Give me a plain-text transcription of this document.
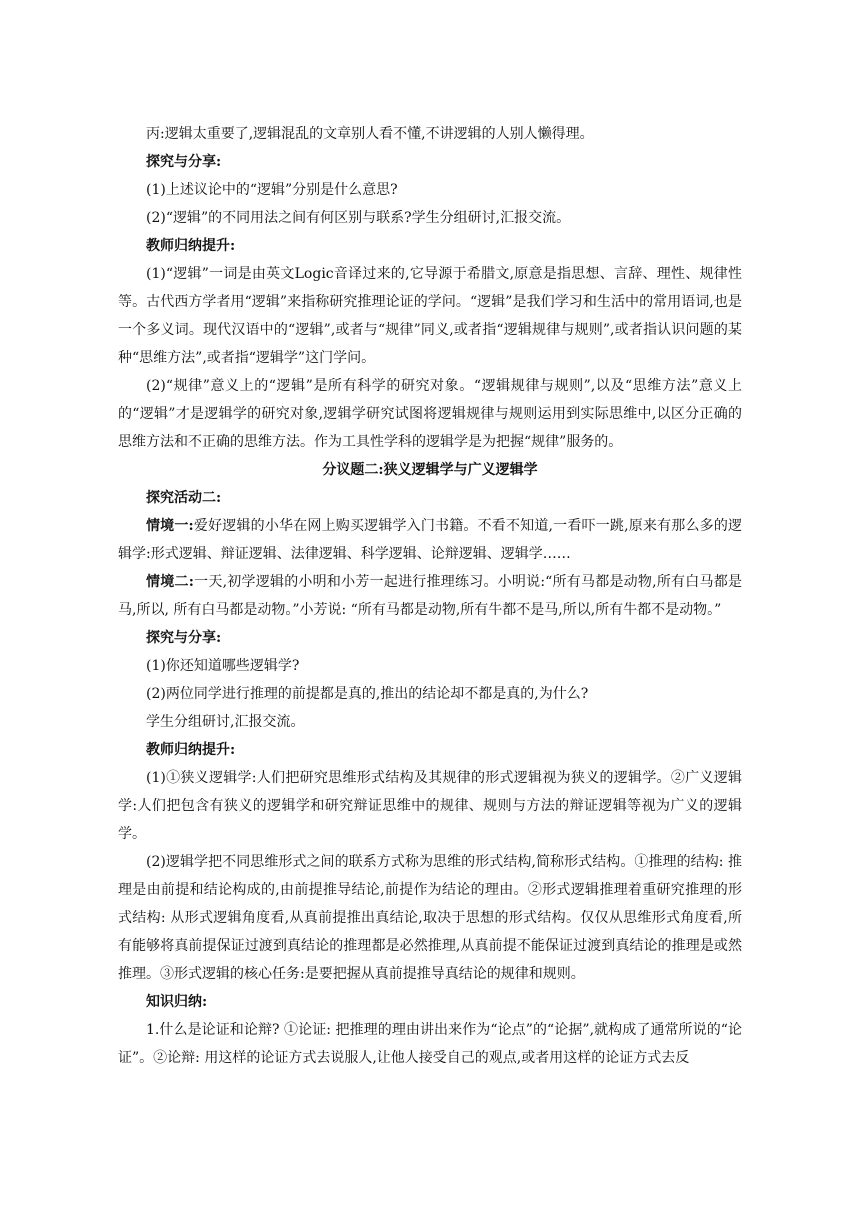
丙:逻辑太重要了,逻辑混乱的文章别人看不懂,不讲逻辑的人别人懒得理。

探究与分享:

(1)上述议论中的“逻辑”分别是什么意思?

(2)“逻辑”的不同用法之间有何区别与联系?学生分组研讨,汇报交流。

教师归纳提升:

(1)“逻辑”一词是由英文Logic音译过来的,它导源于希腊文,原意是指思想、言辞、理性、规律性等。古代西方学者用“逻辑”来指称研究推理论证的学问。“逻辑”是我们学习和生活中的常用语词,也是一个多义词。现代汉语中的“逻辑”,或者与“规律”同义,或者指“逻辑规律与规则”,或者指认识问题的某种“思维方法”,或者指“逻辑学”这门学问。

(2)“规律”意义上的“逻辑”是所有科学的研究对象。“逻辑规律与规则”,以及“思维方法”意义上的“逻辑”才是逻辑学的研究对象,逻辑学研究试图将逻辑规律与规则运用到实际思维中,以区分正确的思维方法和不正确的思维方法。作为工具性学科的逻辑学是为把握“规律”服务的。

分议题二:狭义逻辑学与广义逻辑学

探究活动二:

情境一:爱好逻辑的小华在网上购买逻辑学入门书籍。不看不知道,一看吓一跳,原来有那么多的逻辑学:形式逻辑、辩证逻辑、法律逻辑、科学逻辑、论辩逻辑、逻辑学……

情境二:一天,初学逻辑的小明和小芳一起进行推理练习。小明说:“所有马都是动物,所有白马都是马,所以, 所有白马都是动物。”小芳说: “所有马都是动物,所有牛都不是马,所以,所有牛都不是动物。”

探究与分享:

(1)你还知道哪些逻辑学?

(2)两位同学进行推理的前提都是真的,推出的结论却不都是真的,为什么?

学生分组研讨,汇报交流。

教师归纳提升:

(1)①狭义逻辑学:人们把研究思维形式结构及其规律的形式逻辑视为狭义的逻辑学。②广义逻辑学:人们把包含有狭义的逻辑学和研究辩证思维中的规律、规则与方法的辩证逻辑等视为广义的逻辑学。

(2)逻辑学把不同思维形式之间的联系方式称为思维的形式结构,简称形式结构。①推理的结构: 推理是由前提和结论构成的,由前提推导结论,前提作为结论的理由。②形式逻辑推理着重研究推理的形式结构: 从形式逻辑角度看,从真前提推出真结论,取决于思想的形式结构。仅仅从思维形式角度看,所有能够将真前提保证过渡到真结论的推理都是必然推理,从真前提不能保证过渡到真结论的推理是或然推理。③形式逻辑的核心任务:是要把握从真前提推导真结论的规律和规则。

知识归纳:

1.什么是论证和论辩? ①论证: 把推理的理由讲出来作为“论点”的“论据”,就构成了通常所说的“论证”。②论辩: 用这样的论证方式去说服人,让他人接受自己的观点,或者用这样的论证方式去反
